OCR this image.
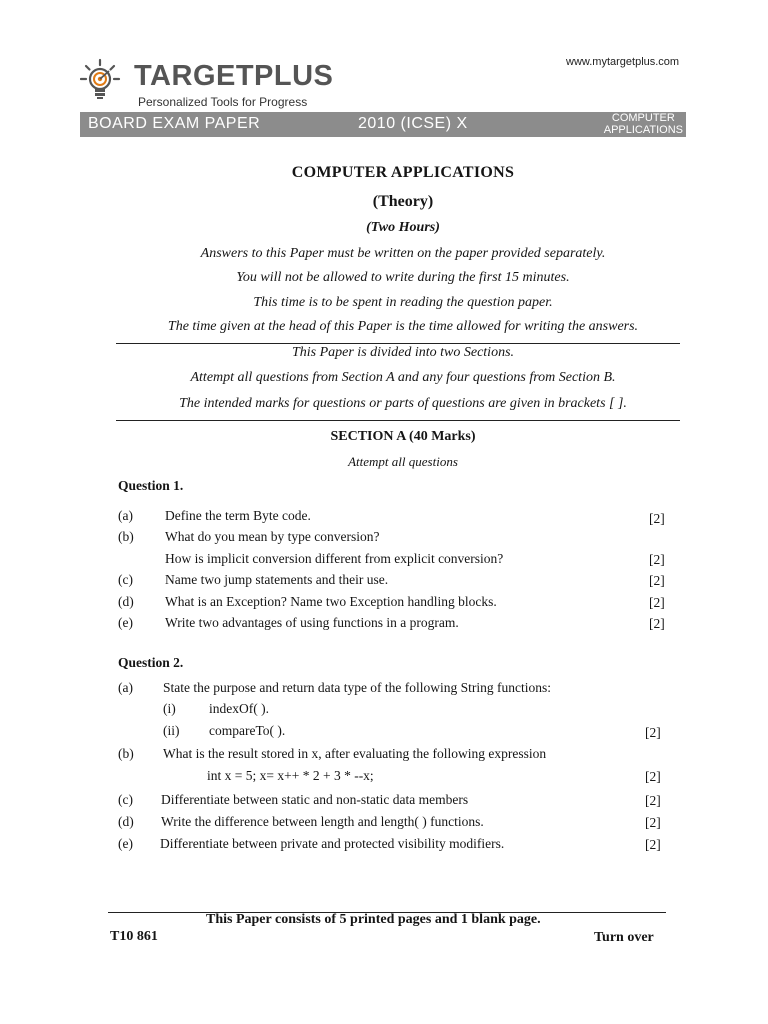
www.mytargetplus.com
TARGETPLUS
Personalized Tools for Progress
BOARD EXAM PAPER	2010 (ICSE) X	COMPUTER
APPLICATIONS
COMPUTER APPLICATIONS
(Theory)
(Two Hours)
Answers to this Paper must be written on the paper provided separately.
You will not be allowed to write during the first 15 minutes.
This time is to be spent in reading the question paper.
The time given at the head of this Paper is the time allowed for writing the answers.
This Paper is divided into two Sections.
Attempt all questions from Section A and any four questions from Section B.
The intended marks for questions or parts of questions are given in brackets [ ].
SECTION A (40 Marks)
Attempt all questions
Question 1.
(a) Define the term Byte code.	[2]
(b) What do you mean by type conversion?
How is implicit conversion different from explicit conversion?	[2]
(c) Name two jump statements and their use.	[2]
(d) What is an Exception? Name two Exception handling blocks.	[2]
(e) Write two advantages of using functions in a program.	[2]
Question 2.
(a) State the purpose and return data type of the following String functions:
(i) indexOf( ).
(ii) compareTo( ).	[2]
(b) What is the result stored in x, after evaluating the following expression
int x = 5; x= x++ * 2 + 3 * --x;	[2]
(c) Differentiate between static and non-static data members	[2]
(d) Write the difference between length and length( ) functions.	[2]
(e) Differentiate between private and protected visibility modifiers.	[2]
This Paper consists of 5 printed pages and 1 blank page.
T10 861	Turn over
